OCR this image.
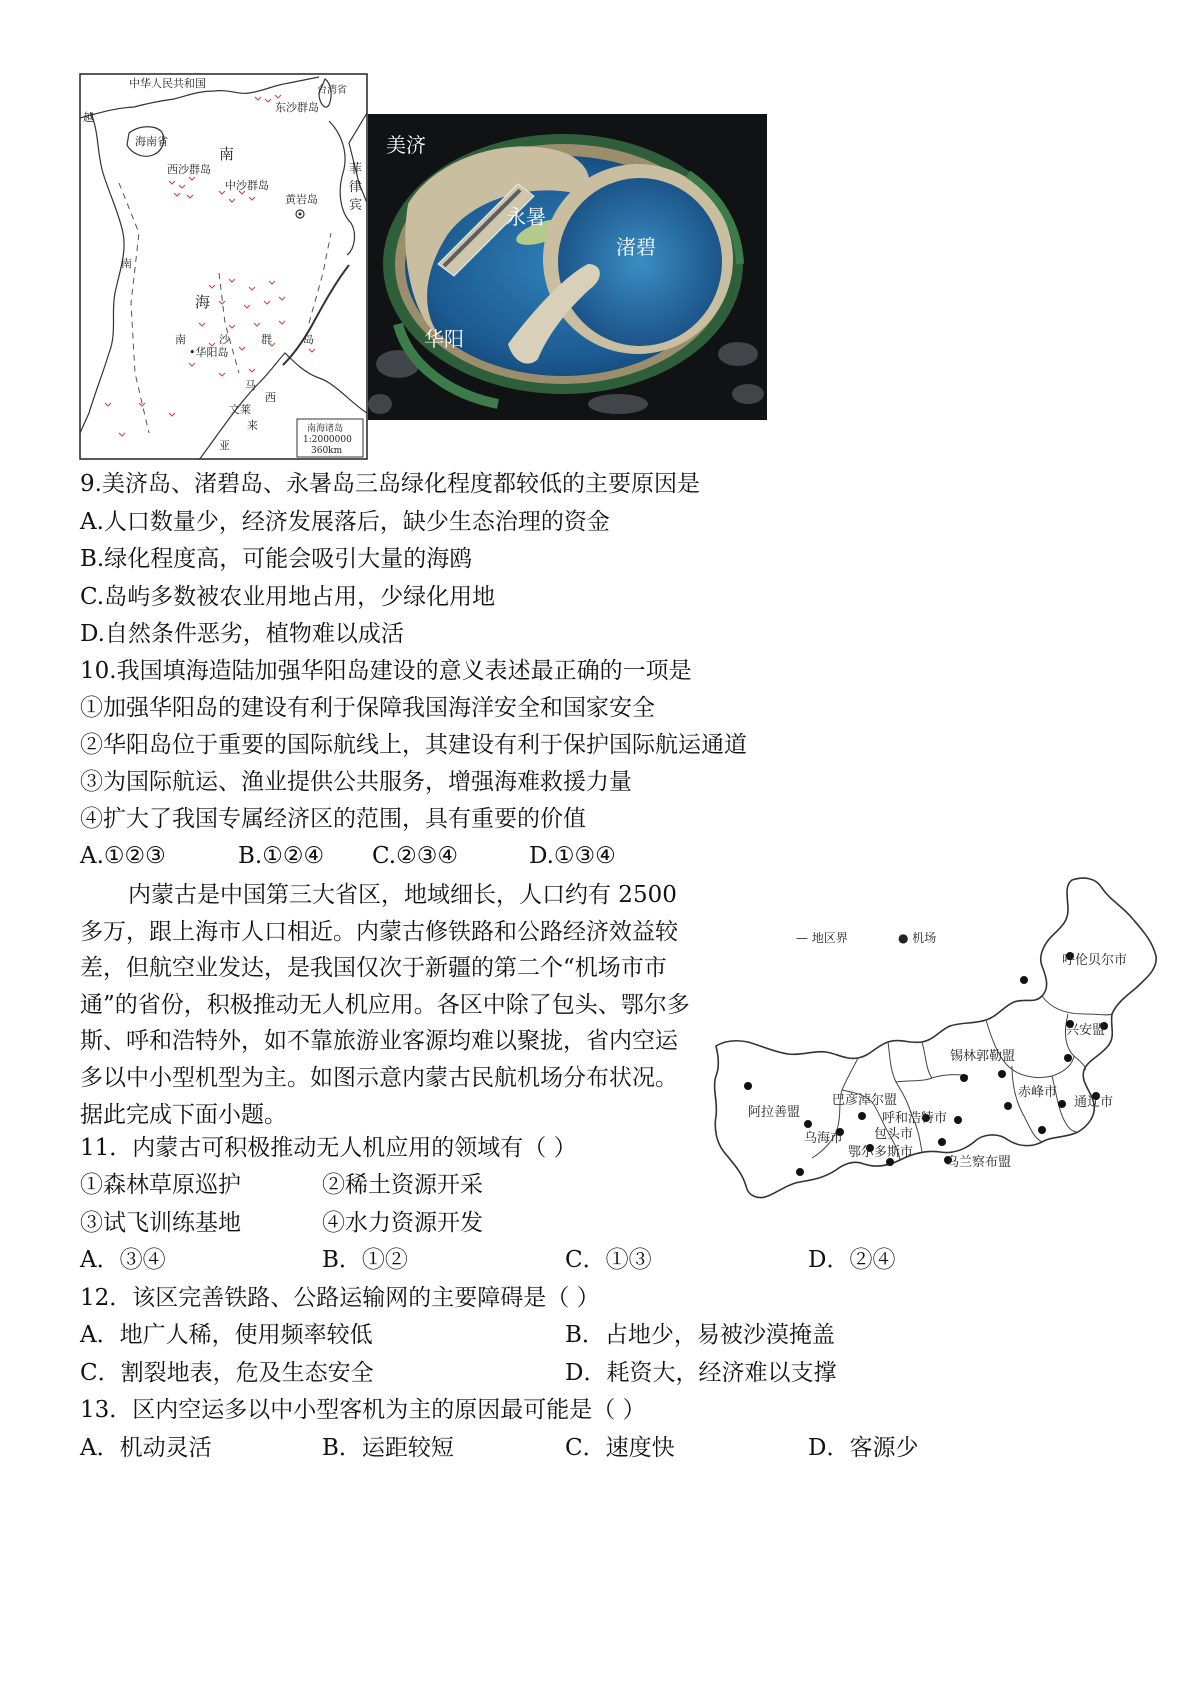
中华人民共和国
台湾省
东沙群岛
越
海南省
南
西沙群岛
中沙群岛
黄岩岛
菲
律
宾
南
海
南	沙	群	岛
•华阳岛
文莱
马
来
西
亚
南海诸岛
1:2000000
360km
美济
永暑
渚碧
华阳
9.美济岛、渚碧岛、永暑岛三岛绿化程度都较低的主要原因是
A.人口数量少，经济发展落后，缺少生态治理的资金
B.绿化程度高，可能会吸引大量的海鸥
C.岛屿多数被农业用地占用，少绿化用地
D.自然条件恶劣，植物难以成活
10.我国填海造陆加强华阳岛建设的意义表述最正确的一项是
①加强华阳岛的建设有利于保障我国海洋安全和国家安全
②华阳岛位于重要的国际航线上，其建设有利于保护国际航运通道
③为国际航运、渔业提供公共服务，增强海难救援力量
④扩大了我国专属经济区的范围，具有重要的价值
A.①②③	B.①②④ C.②③④	D.①③④
内蒙古是中国第三大省区，地域细长，人口约有 2500 多万，跟上海市人口相近。内蒙古修铁路和公路经济效益较差，但航空业发达，是我国仅次于新疆的第二个“机场市市通”的省份，积极推动无人机应用。各区中除了包头、鄂尔多斯、呼和浩特外，如不靠旅游业客源均难以聚拢，省内空运多以中小型机型为主。如图示意内蒙古民航机场分布状况。据此完成下面小题。
— 地区界	● 机场
呼伦贝尔市
兴安盟
锡林郭勒盟
赤峰市
通辽市
阿拉善盟
巴彦淖尔盟
呼和浩特市
包头市
乌海市
鄂尔多斯市
乌兰察布盟
11．内蒙古可积极推动无人机应用的领域有（ ）
①森林草原巡护	②稀土资源开采
③试飞训练基地	④水力资源开发
A．③④	B．①②	C．①③	D．②④
12．该区完善铁路、公路运输网的主要障碍是（ ）
A．地广人稀，使用频率较低	B．占地少，易被沙漠掩盖
C．割裂地表，危及生态安全	D．耗资大，经济难以支撑
13．区内空运多以中小型客机为主的原因最可能是（ ）
A．机动灵活	B．运距较短	C．速度快	D．客源少
